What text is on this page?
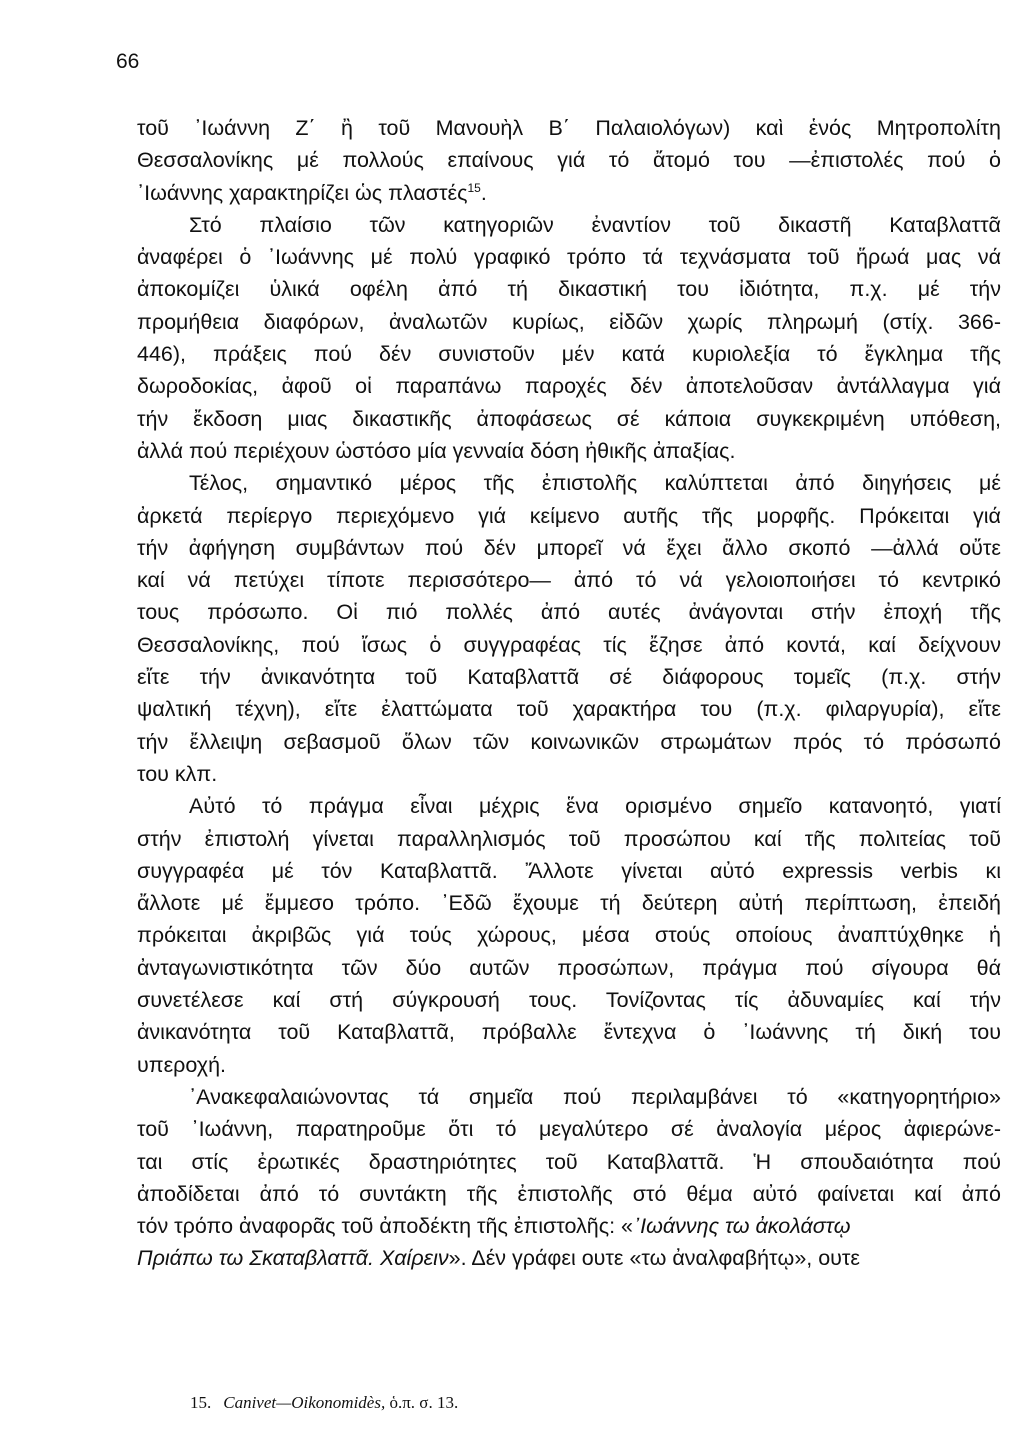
66
τοῦ ᾿Ιωάννη Ζ΄ ἢ τοῦ Μανουὴλ Β΄ Παλαιολόγων) καὶ ἑνός Μητροπολίτη
Θεσσαλονίκης μέ πολλούς επαίνους γιά τό ἄτομό του —ἐπιστολές πού ὁ
᾿Ιωάννης χαρακτηρίζει ὡς πλαστές$^{15}$.
Στό πλαίσιο τῶν κατηγοριῶν ἐναντίον τοῦ δικαστῆ Καταβλαττᾶ
ἀναφέρει ὁ ᾿Ιωάννης μέ πολύ γραφικό τρόπο τά τεχνάσματα τοῦ ἥρωά μας νά
ἀποκομίζει ὑλικά οφέλη ἀπό τή δικαστική του ἰδιότητα, π.χ. μέ τήν
προμήθεια διαφόρων, ἀναλωτῶν κυρίως, εἰδῶν χωρίς πληρωμή (στίχ. 366-
446), πράξεις πού δέν συνιστοῦν μέν κατά κυριολεξία τό ἔγκλημα τῆς
δωροδοκίας, ἀφοῦ οἱ παραπάνω παροχές δέν ἀποτελοῦσαν ἀντάλλαγμα γιά
τήν ἔκδοση μιας δικαστικῆς ἀποφάσεως σέ κάποια συγκεκριμένη υπόθεση,
ἀλλά πού περιέχουν ὡστόσο μία γενναία δόση ἠθικῆς ἀπαξίας.
Τέλος, σημαντικό μέρος τῆς ἐπιστολῆς καλύπτεται ἀπό διηγήσεις μέ
ἀρκετά περίεργο περιεχόμενο γιά κείμενο αυτῆς τῆς μορφῆς. Πρόκειται γιά
τήν ἀφήγηση συμβάντων πού δέν μπορεῖ νά ἔχει ἄλλο σκοπό —ἀλλά οὔτε
καί νά πετύχει τίποτε περισσότερο— ἀπό τό νά γελοιοποιήσει τό κεντρικό
τους πρόσωπο. Οἱ πιό πολλές ἀπό αυτές ἀνάγονται στήν ἐποχή τῆς
Θεσσαλονίκης, πού ἴσως ὁ συγγραφέας τίς ἔζησε ἀπό κοντά, καί δείχνουν
εἴτε τήν ἀνικανότητα τοῦ Καταβλαττᾶ σέ διάφορους τομεῖς (π.χ. στήν
ψαλτική τέχνη), εἴτε ἐλαττώματα τοῦ χαρακτήρα του (π.χ. φιλαργυρία), εἴτε
τήν ἔλλειψη σεβασμοῦ ὅλων τῶν κοινωνικῶν στρωμάτων πρός τό πρόσωπό
του κλπ.
Αὐτό τό πράγμα εἶναι μέχρις ἕνα ορισμένο σημεῖο κατανοητό, γιατί
στήν ἐπιστολή γίνεται παραλληλισμός τοῦ προσώπου καί τῆς πολιτείας τοῦ
συγγραφέα μέ τόν Καταβλαττᾶ. Ἄλλοτε γίνεται αὐτό expressis verbis κι
ἄλλοτε μέ ἔμμεσο τρόπο. ᾿Εδῶ ἔχουμε τή δεύτερη αὐτή περίπτωση, ἐπειδή
πρόκειται ἀκριβῶς γιά τούς χώρους, μέσα στούς οποίους ἀναπτύχθηκε ἡ
ἀνταγωνιστικότητα τῶν δύο αυτῶν προσώπων, πράγμα πού σίγουρα θά
συνετέλεσε καί στή σύγκρουσή τους. Τονίζοντας τίς ἀδυναμίες καί τήν
ἀνικανότητα τοῦ Καταβλαττᾶ, πρόβαλλε ἔντεχνα ὁ ᾿Ιωάννης τή δική του
υπεροχή.
᾿Ανακεφαλαιώνοντας τά σημεῖα πού περιλαμβάνει τό «κατηγορητήριο»
τοῦ ᾿Ιωάννη, παρατηροῦμε ὅτι τό μεγαλύτερο σέ ἀναλογία μέρος ἀφιερώνε-
ται στίς ἐρωτικές δραστηριότητες τοῦ Καταβλαττᾶ. Ἡ σπουδαιότητα πού
ἀποδίδεται ἀπό τό συντάκτη τῆς ἐπιστολῆς στό θέμα αὐτό φαίνεται καί ἀπό
τόν τρόπο ἀναφορᾶς τοῦ ἀποδέκτη τῆς ἐπιστολῆς: «᾿Ιωάννης τω ἀκολάστῳ
Πριάπω τω Σκαταβλαττᾶ. Χαίρειν». Δέν γράφει ουτε «τω ἀναλφαβήτῳ», ουτε
15. Canivet—Oikonomidès, ὁ.π. σ. 13.
